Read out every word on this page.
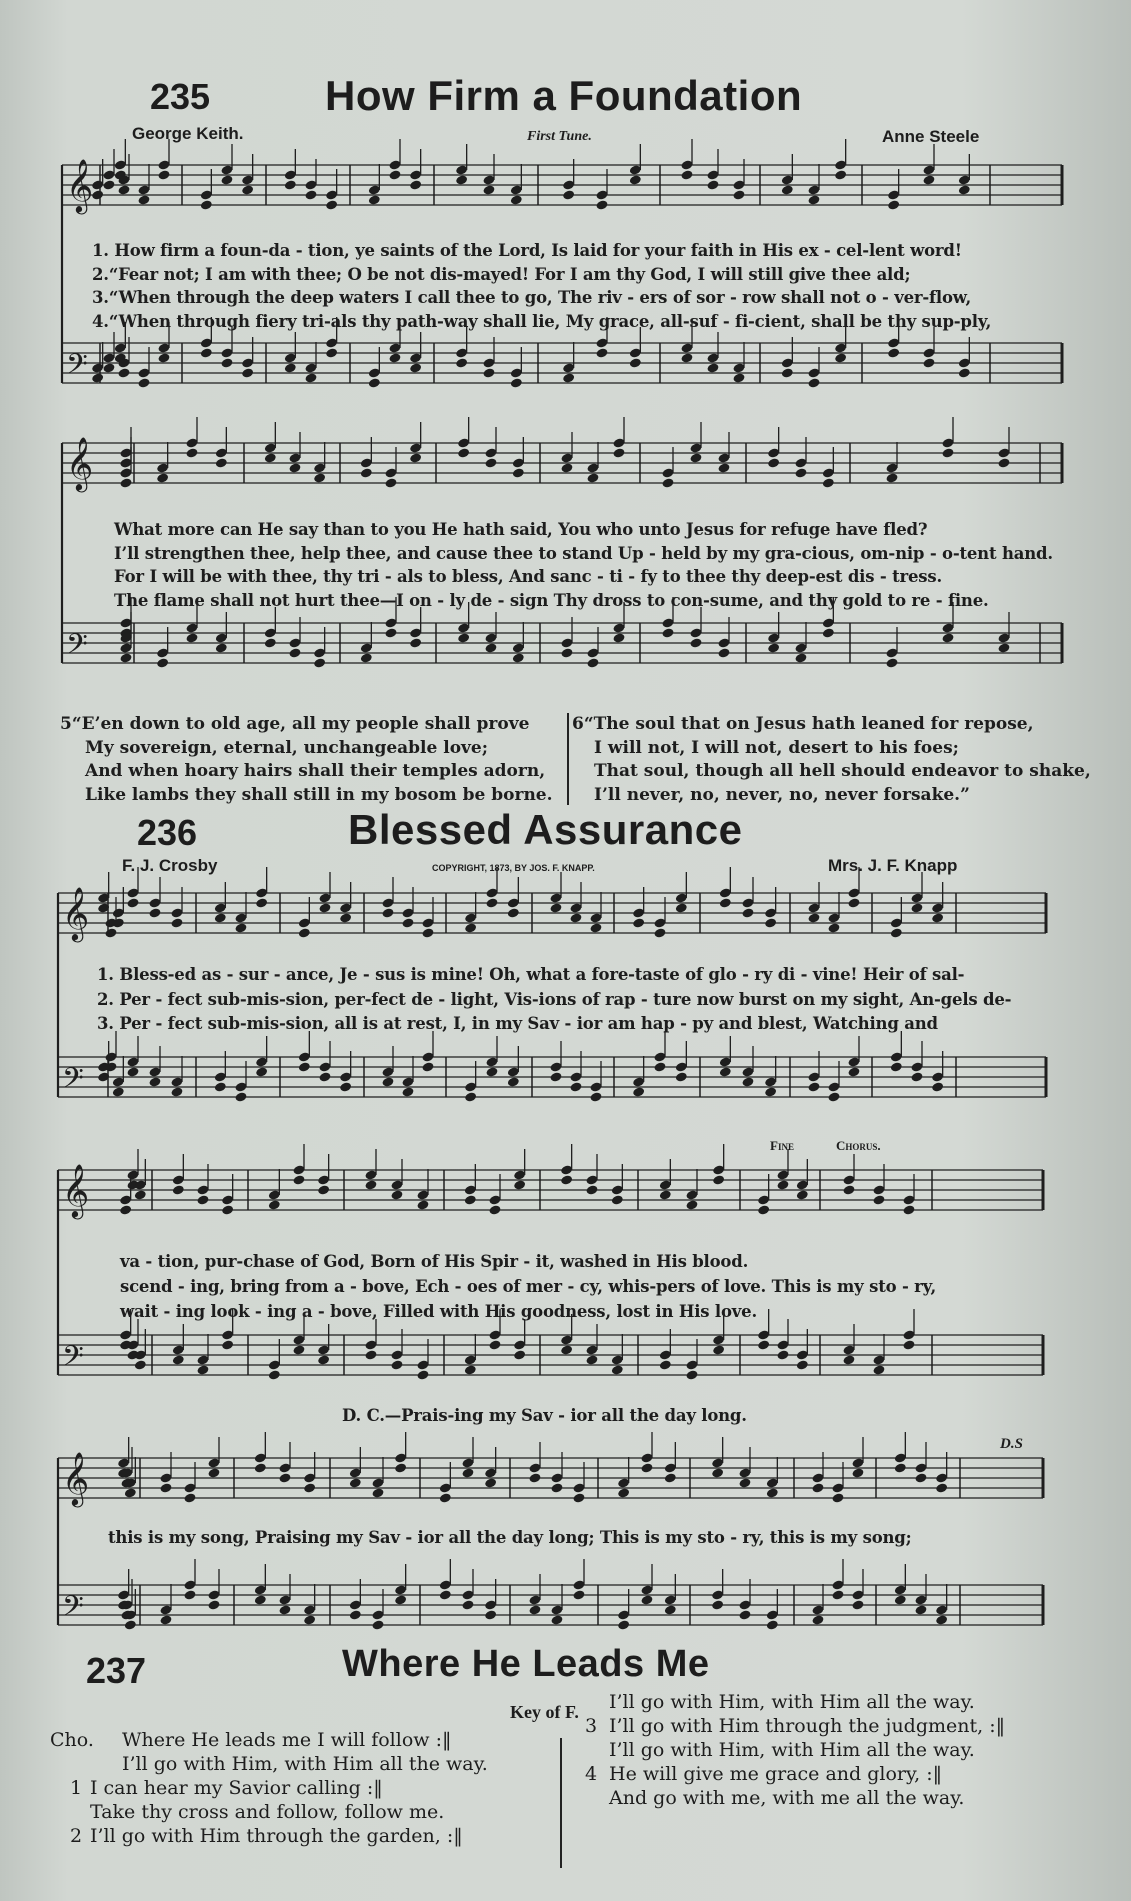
235	How Firm a Foundation
George Keith.	First Tune.	Anne Steele
𝄞
𝄢
𝄞
𝄢
𝄞
𝄢
𝄞
𝄢
𝄞
𝄢
1. How firm a foun-da - tion, ye saints of the Lord, Is laid for your faith in His ex - cel-lent word!
2.“Fear not; I am with thee; O be not dis-mayed! For I am thy God, I will still give thee ald;
3.“When through the deep waters I call thee to go, The riv - ers of sor - row shall not o - ver-flow,
4.“When through fiery tri-als thy path-way shall lie, My grace, all-suf - fi-cient, shall be thy sup-ply,
What more can He say than to you He hath said, You who unto Jesus for refuge have fled?
I’ll strengthen thee, help thee, and cause thee to stand Up - held by my gra-cious, om-nip - o-tent hand.
For I will be with thee, thy tri - als to bless, And sanc - ti - fy to thee thy deep-est dis - tress.
The flame shall not hurt thee—I on - ly de - sign Thy dross to con-sume, and thy gold to re - fine.
5“E’en down to old age, all my people shall prove
My sovereign, eternal, unchangeable love;
And when hoary hairs shall their temples adorn,
Like lambs they shall still in my bosom be borne.
6“The soul that on Jesus hath leaned for repose,
I will not, I will not, desert to his foes;
That soul, though all hell should endeavor to shake,
I’ll never, no, never, no, never forsake.”
236	Blessed Assurance
F. J. Crosby	COPYRIGHT, 1873, BY JOS. F. KNAPP.	Mrs. J. F. Knapp
1. Bless-ed as - sur - ance, Je - sus is mine! Oh, what a fore-taste of glo - ry di - vine! Heir of sal-
2. Per - fect sub-mis-sion, per-fect de - light, Vis-ions of rap - ture now burst on my sight, An-gels de-
3. Per - fect sub-mis-sion, all is at rest, I, in my Sav - ior am hap - py and blest, Watching and
Fine	Chorus.
va - tion, pur-chase of God, Born of His Spir - it, washed in His blood.
scend - ing, bring from a - bove, Ech - oes of mer - cy, whis-pers of love. This is my sto - ry,
wait - ing look - ing a - bove, Filled with His goodness, lost in His love.
D. C.—Prais-ing my Sav - ior all the day long.
D.S
this is my song, Praising my Sav - ior all the day long; This is my sto - ry, this is my song;
237	Where He Leads Me
Key of F.
Cho.	Where He leads me I will follow :‖
I’ll go with Him, with Him all the way.
1 I can hear my Savior calling :‖
Take thy cross and follow, follow me.
2 I’ll go with Him through the garden, :‖
I’ll go with Him, with Him all the way.
3 I’ll go with Him through the judgment, :‖
I’ll go with Him, with Him all the way.
4 He will give me grace and glory, :‖
And go with me, with me all the way.
